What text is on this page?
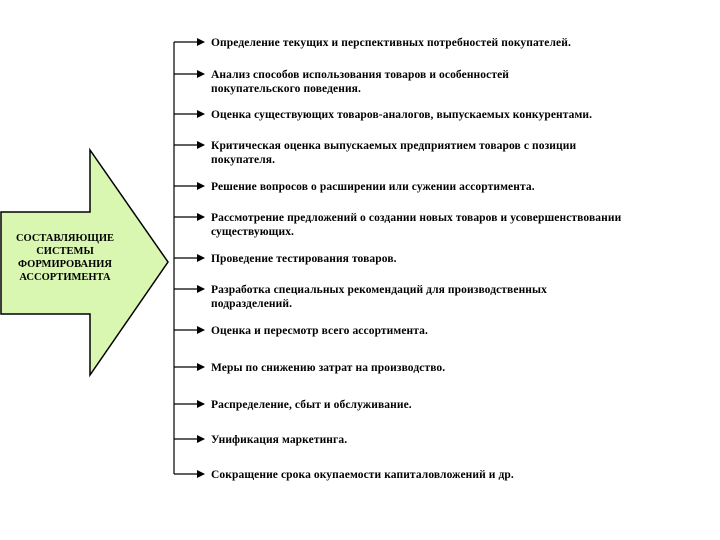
СОСТАВЛЯЮЩИЕ
СИСТЕМЫ
ФОРМИРОВАНИЯ
АССОРТИМЕНТА
Определение текущих и перспективных потребностей покупателей.
Анализ способов использования товаров и особенностей
покупательского поведения.
Оценка существующих товаров-аналогов, выпускаемых конкурентами.
Критическая оценка выпускаемых предприятием товаров с позиции
покупателя.
Решение вопросов о расширении или сужении ассортимента.
Рассмотрение предложений о создании новых товаров и усовершенствовании
существующих.
Проведение тестирования товаров.
Разработка специальных рекомендаций для производственных
подразделений.
Оценка и пересмотр всего ассортимента.
Меры по снижению затрат на производство.
Распределение, сбыт и обслуживание.
Унификация маркетинга.
Сокращение срока окупаемости капиталовложений и др.
